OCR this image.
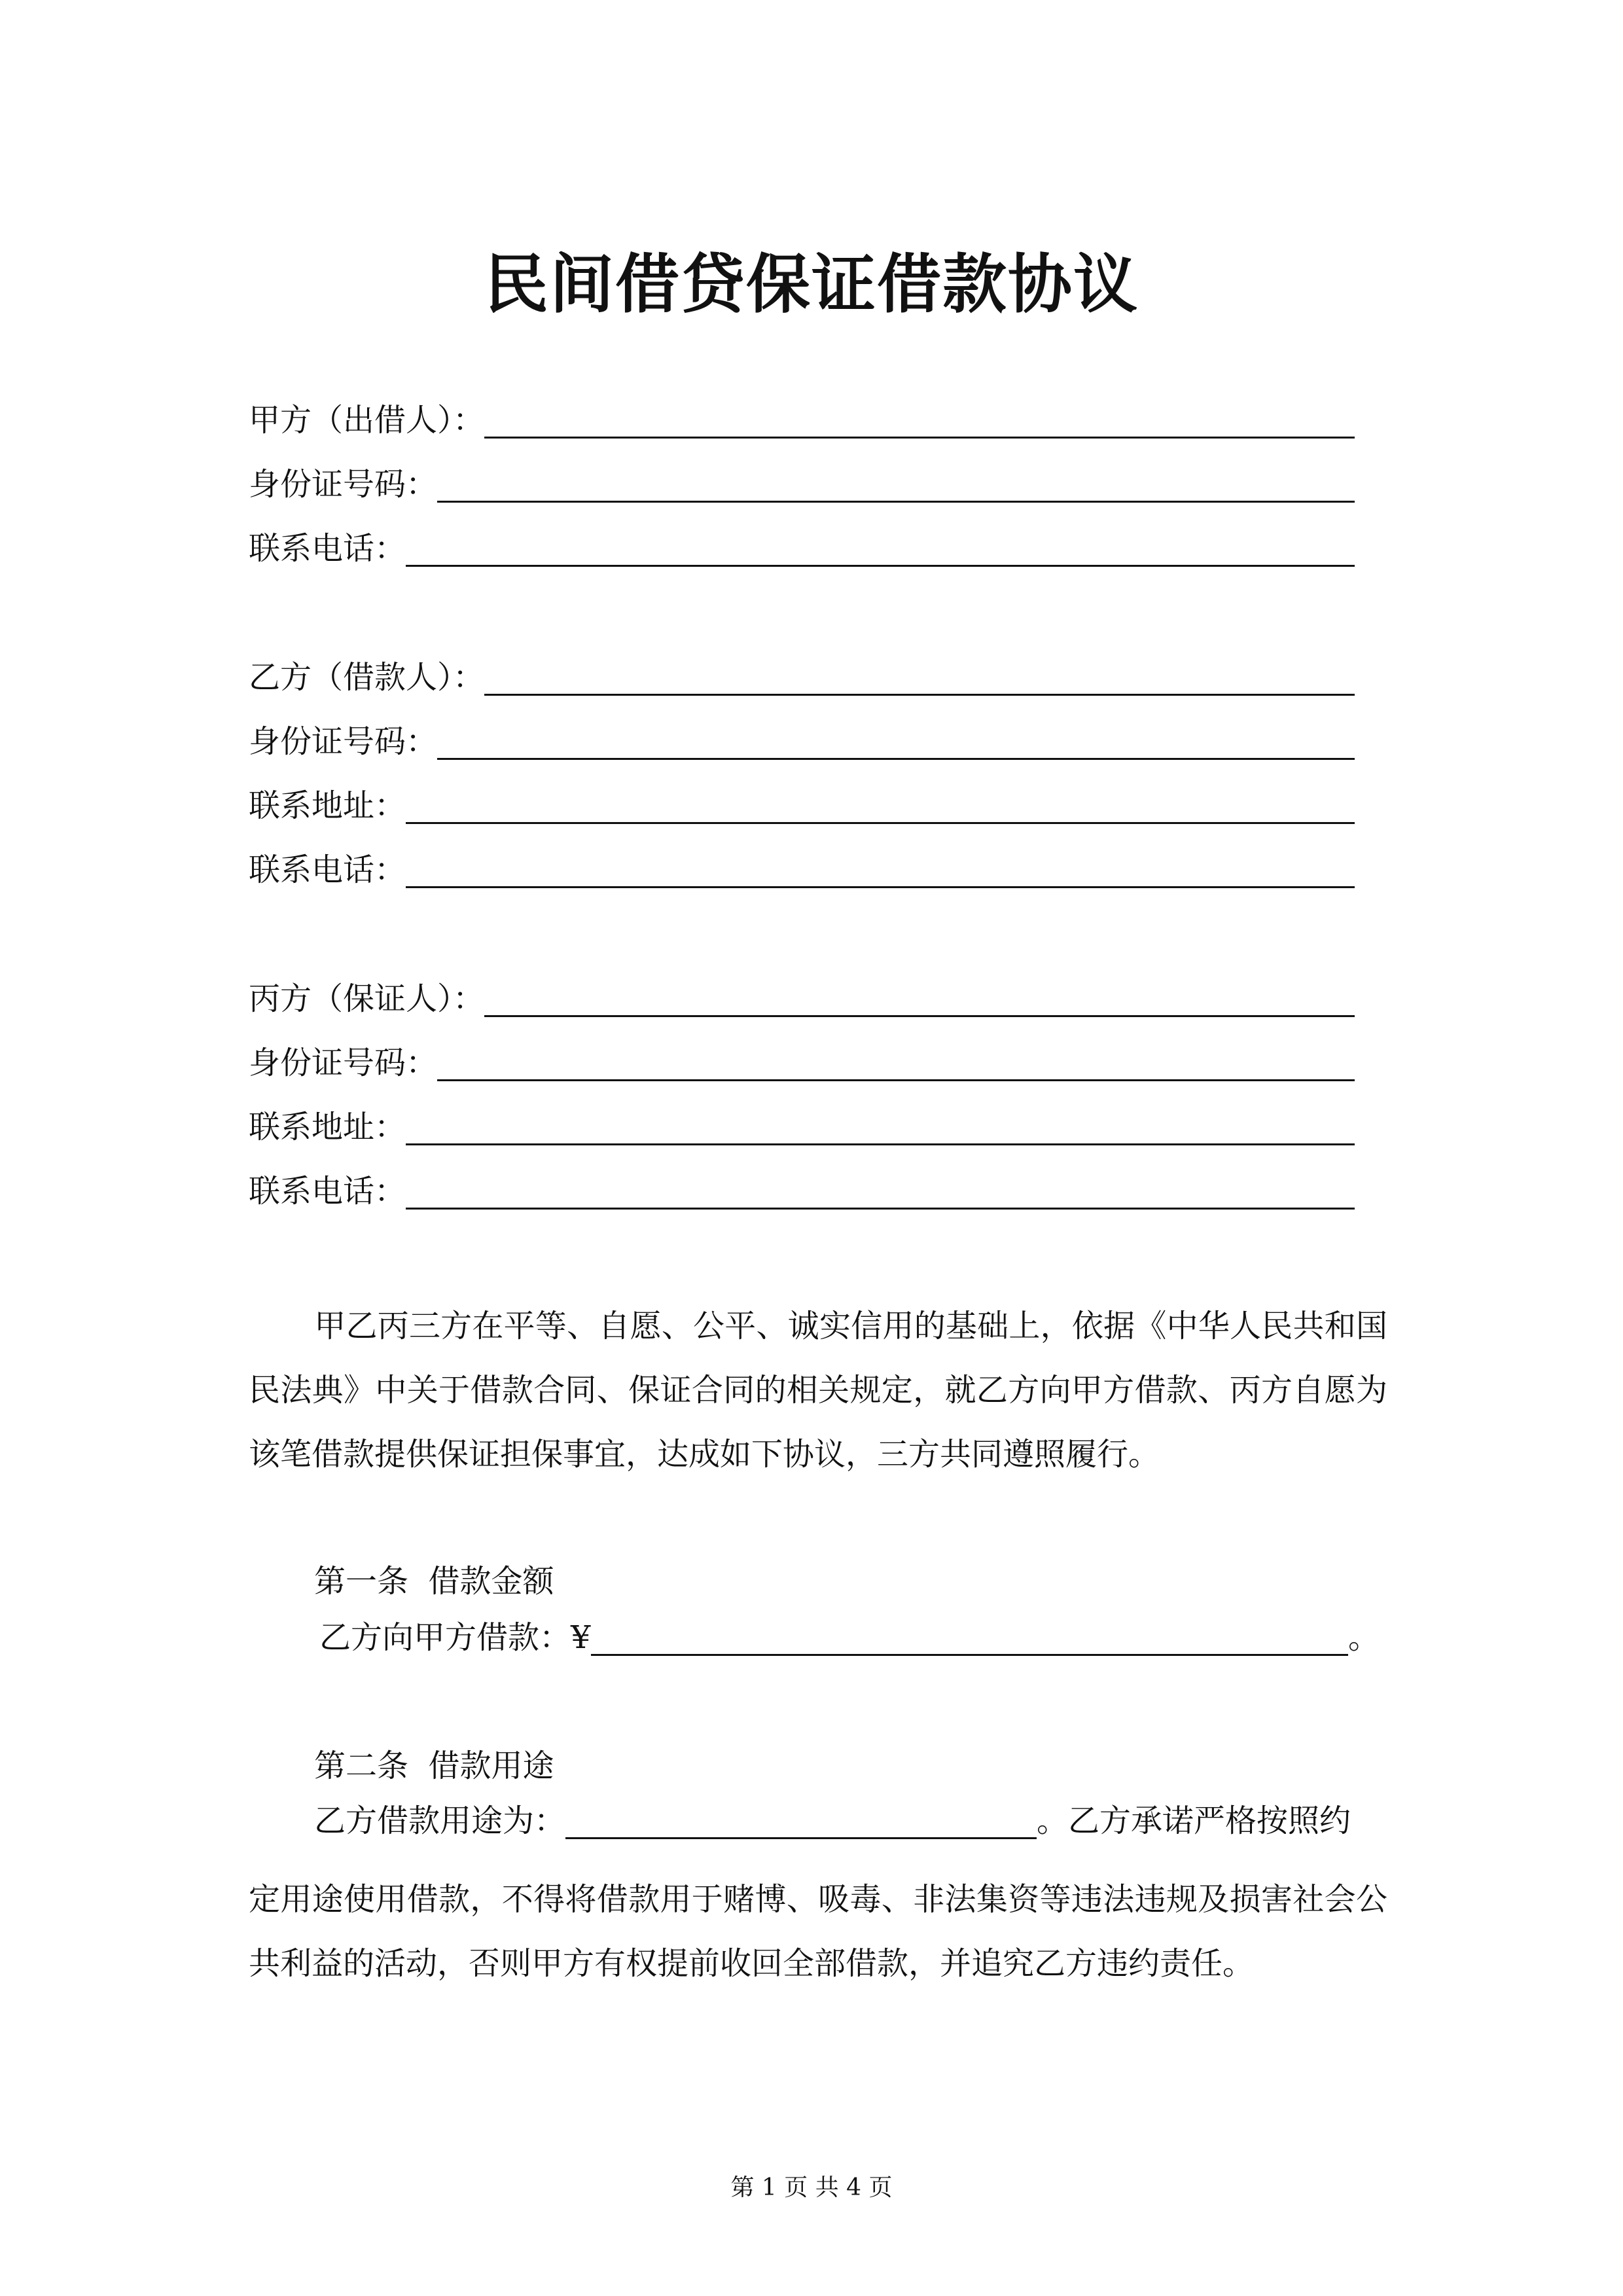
民间借贷保证借款协议
甲方（出借人）：
身份证号码：
联系电话：
乙方（借款人）：
身份证号码：
联系地址：
联系电话：
丙方（保证人）：
身份证号码：
联系地址：
联系电话：
甲乙丙三方在平等、自愿、公平、诚实信用的基础上，依据《中华人民共和国民法典》中关于借款合同、保证合同的相关规定，就乙方向甲方借款、丙方自愿为该笔借款提供保证担保事宜，达成如下协议，三方共同遵照履行。
第一条  借款金额
乙方向甲方借款：¥	。
第二条  借款用途
乙方借款用途为：	。乙方承诺严格按照约
定用途使用借款，不得将借款用于赌博、吸毒、非法集资等违法违规及损害社会公共利益的活动，否则甲方有权提前收回全部借款，并追究乙方违约责任。
第 1 页 共 4 页
